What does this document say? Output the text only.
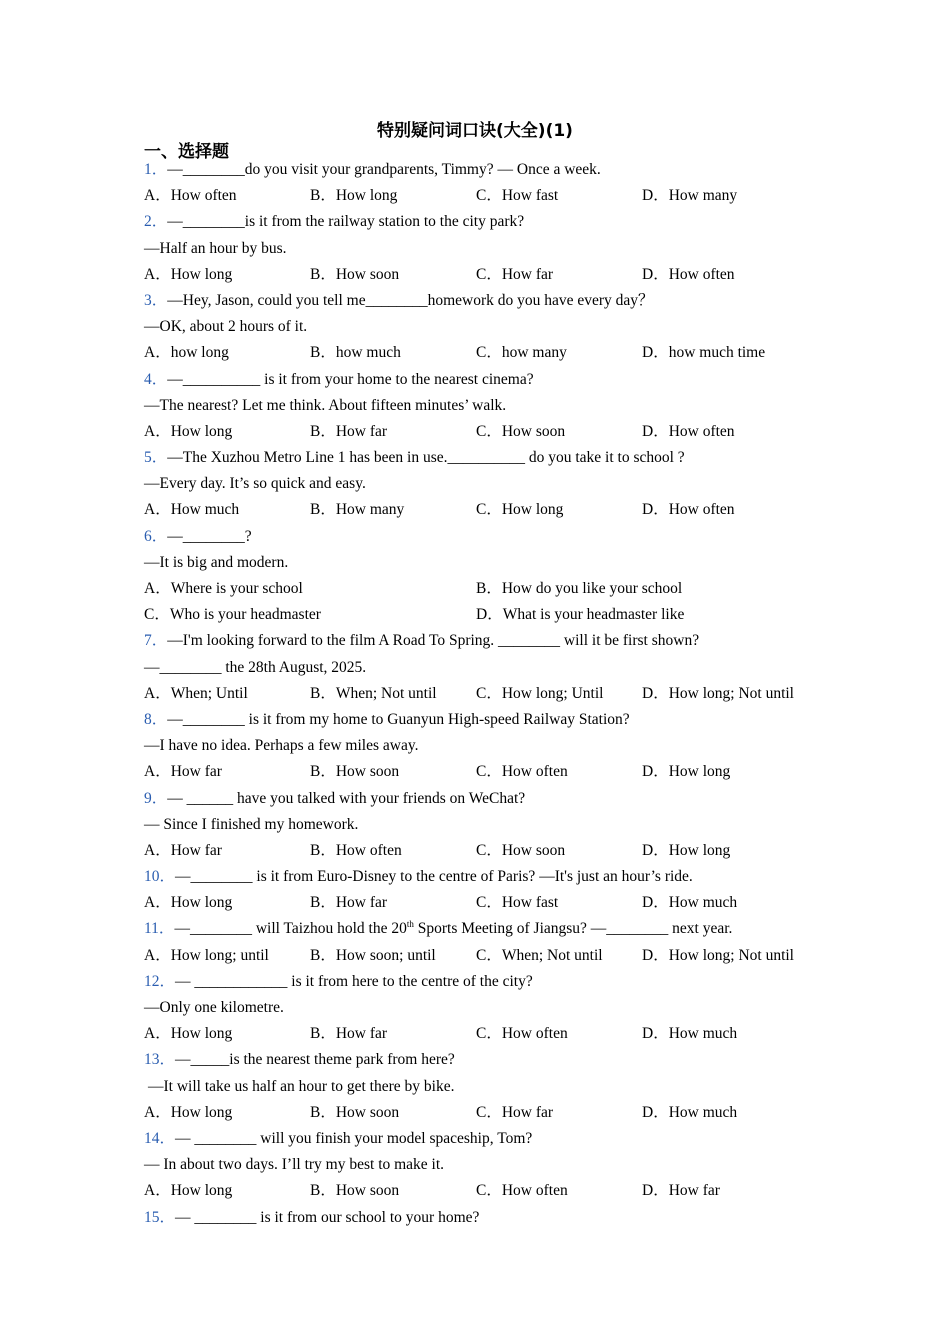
特别疑问词口诀(大全)(1)
一、选择题
1．—________do you visit your grandparents, Timmy? — Once a week.
A．How often	B．How long	C．How fast	D．How many
2．—________is it from the railway station to the city park?
—Half an hour by bus.
A．How long	B．How soon	C．How far	D．How often
3．—Hey, Jason, could you tell me________homework do you have every day？
—OK, about 2 hours of it.
A．how long	B．how much	C．how many	D．how much time
4．—__________ is it from your home to the nearest cinema?
—The nearest? Let me think. About fifteen minutes’ walk.
A．How long	B．How far	C．How soon	D．How often
5．—The Xuzhou Metro Line 1 has been in use.__________ do you take it to school ?
—Every day. It’s so quick and easy.
A．How much	B．How many	C．How long	D．How often
6．—________?
—It is big and modern.
A．Where is your school	B．How do you like your school
C．Who is your headmaster	D．What is your headmaster like
7．—I'm looking forward to the film A Road To Spring. ________ will it be first shown?
—________ the 28th August, 2025.
A．When; Until	B．When; Not until	C．How long; Until	D．How long; Not until
8．—________ is it from my home to Guanyun High-speed Railway Station?
—I have no idea. Perhaps a few miles away.
A．How far	B．How soon	C．How often	D．How long
9．— ______ have you talked with your friends on WeChat?
— Since I finished my homework.
A．How far	B．How often	C．How soon	D．How long
10．—________ is it from Euro-Disney to the centre of Paris? —It's just an hour’s ride.
A．How long	B．How far	C．How fast	D．How much
11．—________ will Taizhou hold the 20th Sports Meeting of Jiangsu? —________ next year.
A．How long; until	B．How soon; until	C．When; Not until	D．How long; Not until
12．— ____________ is it from here to the centre of the city?
—Only one kilometre.
A．How long	B．How far	C．How often	D．How much
13．—_____is the nearest theme park from here?
—It will take us half an hour to get there by bike.
A．How long	B．How soon	C．How far	D．How much
14．— ________ will you finish your model spaceship, Tom?
— In about two days. I’ll try my best to make it.
A．How long	B．How soon	C．How often	D．How far
15．— ________ is it from our school to your home?
